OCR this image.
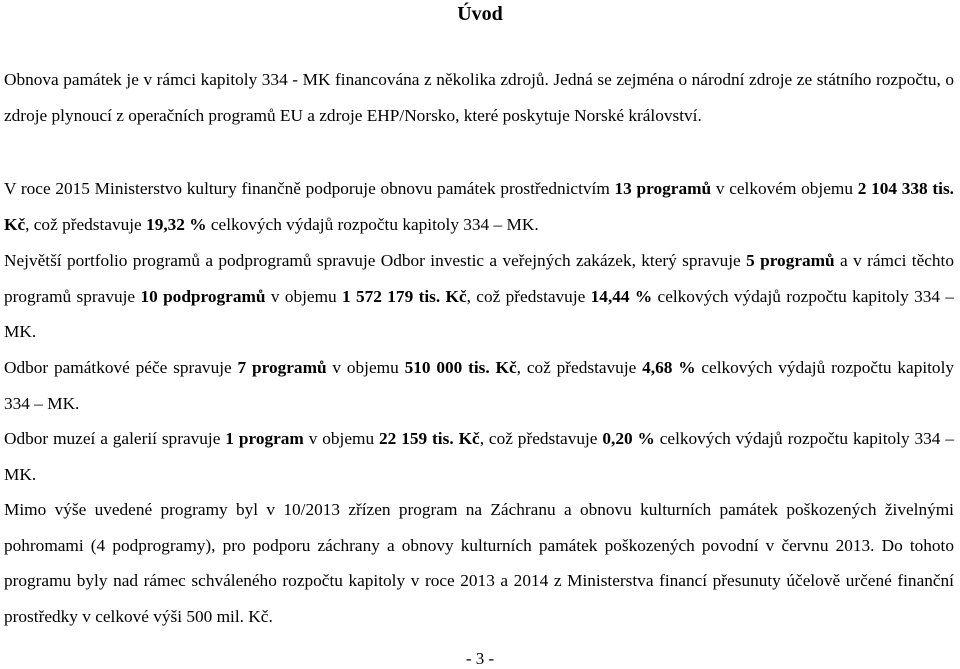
Úvod

Obnova památek je v rámci kapitoly 334 - MK financována z několika zdrojů. Jedná se zejména o národní zdroje ze státního rozpočtu, o zdroje plynoucí z operačních programů EU a zdroje EHP/Norsko, které poskytuje Norské království.

V roce 2015 Ministerstvo kultury finančně podporuje obnovu památek prostřednictvím 13 programů v celkovém objemu 2 104 338 tis. Kč, což představuje 19,32 % celkových výdajů rozpočtu kapitoly 334 – MK.

Největší portfolio programů a podprogramů spravuje Odbor investic a veřejných zakázek, který spravuje 5 programů a v rámci těchto programů spravuje 10 podprogramů v objemu 1 572 179 tis. Kč, což představuje 14,44 % celkových výdajů rozpočtu kapitoly 334 – MK.

Odbor památkové péče spravuje 7 programů v objemu 510 000 tis. Kč, což představuje 4,68 % celkových výdajů rozpočtu kapitoly 334 – MK.

Odbor muzeí a galerií spravuje 1 program v objemu 22 159 tis. Kč, což představuje 0,20 % celkových výdajů rozpočtu kapitoly 334 – MK.

Mimo výše uvedené programy byl v 10/2013 zřízen program na Záchranu a obnovu kulturních památek poškozených živelnými pohromami (4 podprogramy), pro podporu záchrany a obnovy kulturních památek poškozených povodní v červnu 2013. Do tohoto programu byly nad rámec schváleného rozpočtu kapitoly v roce 2013 a 2014 z Ministerstva financí přesunuty účelově určené finanční prostředky v celkové výši 500 mil. Kč.

- 3 -
